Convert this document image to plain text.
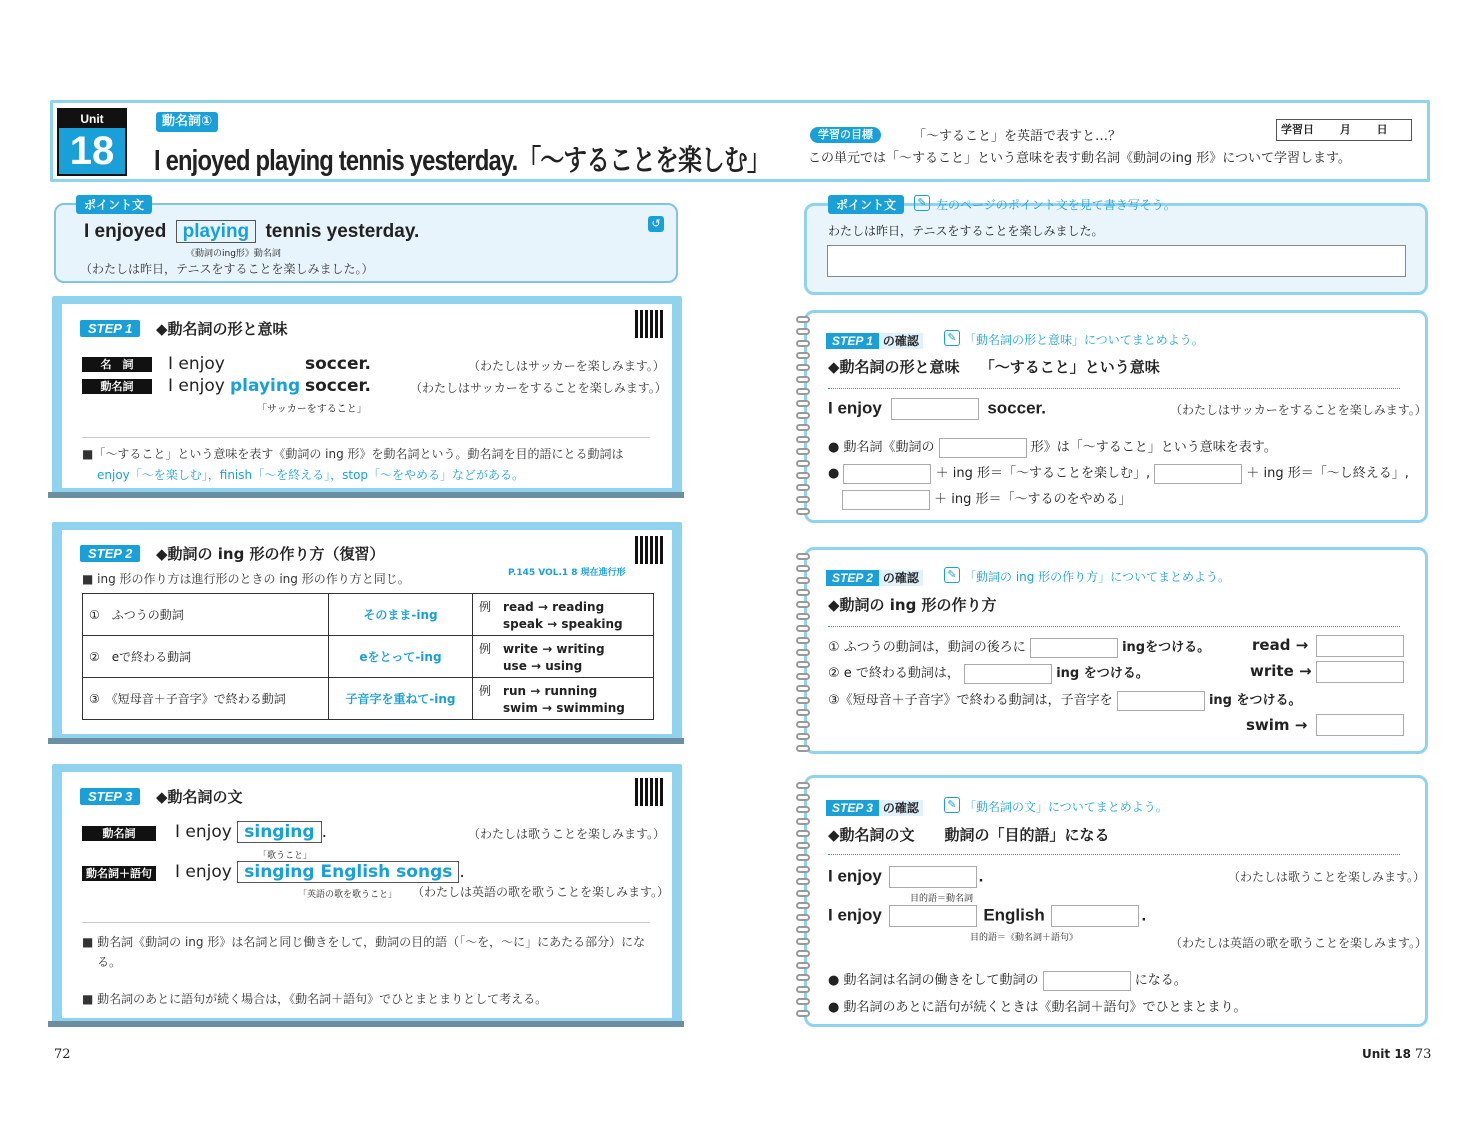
Unit
18
動名詞①
I enjoyed playing tennis yesterday.「～することを楽しむ」
学習の目標	「～すること」を英語で表すと…？
この単元では「～すること」という意味を表す動名詞《動詞のing 形》について学習します。
学習日 月 日
ポイント文
I enjoyed playing tennis yesterday.
《動詞のing形》動名詞
（わたしは昨日，テニスをすることを楽しみました。）
↺
STEP 1	◆動名詞の形と意味
名　詞	I enjoy	soccer.	（わたしはサッカーを楽しみます。）
動名詞	I enjoy playing soccer.	（わたしはサッカーをすることを楽しみます。）
「サッカーをすること」
■「～すること」という意味を表す《動詞の ing 形》を動名詞という。動名詞を目的語にとる動詞は
enjoy「～を楽しむ」，finish「～を終える」，stop「～をやめる」などがある。
STEP 2	◆動詞の ing 形の作り方（復習）
■ ing 形の作り方は進行形のときの ing 形の作り方と同じ。	P.145 VOL.1 8 現在進行形
①　 ふつうの動詞	そのまま-ing	例　 read → reading
　　speak → speaking
②　 eで終わる動詞	eをとって-ing	例　 write → writing
　　use → using
③　 《短母音＋子音字》で終わる動詞	子音字を重ねて-ing	例　 run → running
　　swim → swimming
STEP 3	◆動名詞の文
動名詞	I enjoy singing .
「歌うこと」
（わたしは歌うことを楽しみます。）
動名詞＋語句 I enjoy singing English songs .
「英語の歌を歌うこと」 （わたしは英語の歌を歌うことを楽しみます。）
■ 動名詞《動詞の ing 形》は名詞と同じ働きをして，動詞の目的語（「～を，～に」にあたる部分）にな
る。
■ 動名詞のあとに語句が続く場合は，《動名詞＋語句》でひとまとまりとして考える。
ポイント文	✎ 左のページのポイント文を見て書き写そう。
わたしは昨日，テニスをすることを楽しみました。
STEP 1 の確認	✎ 「動名詞の形と意味」についてまとめよう。
◆動名詞の形と意味　 「～すること」という意味
I enjoy	soccer.	（わたしはサッカーをすることを楽しみます。）
● 動名詞《動詞の	形》は「～すること」という意味を表す。
●	＋ ing 形＝「～することを楽しむ」,	＋ ing 形＝「～し終える」,
＋ ing 形＝「～するのをやめる」
STEP 2 の確認	✎ 「動詞の ing 形の作り方」についてまとめよう。
◆動詞の ing 形の作り方
① ふつうの動詞は，動詞の後ろに	ingをつける。	read →
② e で終わる動詞は，	ing をつける。	write →
③《短母音＋子音字》で終わる動詞は，子音字を	ing をつける。
swim →
STEP 3 の確認	✎ 「動名詞の文」についてまとめよう。
◆動名詞の文　　動詞の「目的語」になる
I enjoy	.
目的語＝動名詞
（わたしは歌うことを楽しみます。）
I enjoy	English	.
目的語＝《動名詞＋語句》	（わたしは英語の歌を歌うことを楽しみます。）
● 動名詞は名詞の働きをして動詞の	になる。
● 動名詞のあとに語句が続くときは《動名詞＋語句》でひとまとまり。
72	Unit 18 73
